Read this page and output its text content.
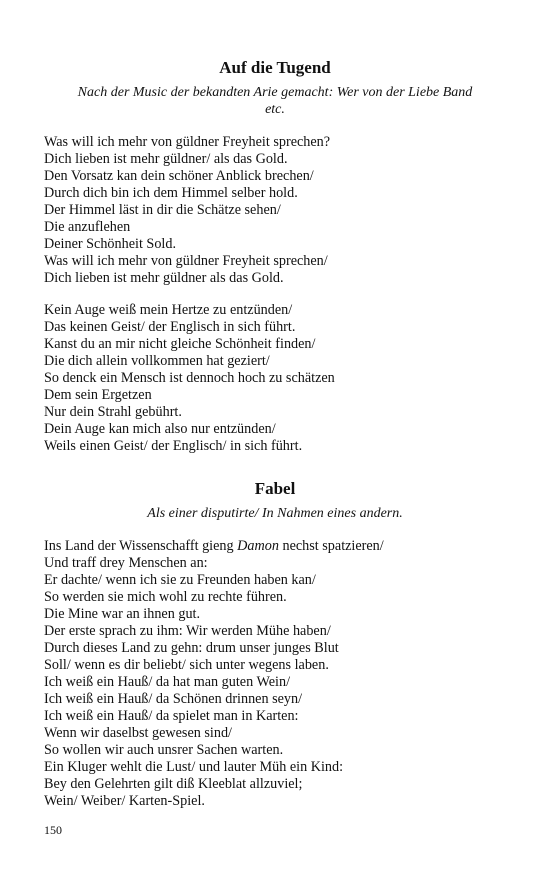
Auf die Tugend
Nach der Music der bekandten Arie gemacht: Wer von der Liebe Band
etc.
Was will ich mehr von güldner Freyheit sprechen?
Dich lieben ist mehr güldner/ als das Gold.
Den Vorsatz kan dein schöner Anblick brechen/
Durch dich bin ich dem Himmel selber hold.
Der Himmel läst in dir die Schätze sehen/
Die anzuflehen
Deiner Schönheit Sold.
Was will ich mehr von güldner Freyheit sprechen/
Dich lieben ist mehr güldner als das Gold.
Kein Auge weiß mein Hertze zu entzünden/
Das keinen Geist/ der Englisch in sich führt.
Kanst du an mir nicht gleiche Schönheit finden/
Die dich allein vollkommen hat geziert/
So denck ein Mensch ist dennoch hoch zu schätzen
Dem sein Ergetzen
Nur dein Strahl gebührt.
Dein Auge kan mich also nur entzünden/
Weils einen Geist/ der Englisch/ in sich führt.
Fabel
Als einer disputirte/ In Nahmen eines andern.
Ins Land der Wissenschafft gieng Damon nechst spatzieren/
Und traff drey Menschen an:
Er dachte/ wenn ich sie zu Freunden haben kan/
So werden sie mich wohl zu rechte führen.
Die Mine war an ihnen gut.
Der erste sprach zu ihm: Wir werden Mühe haben/
Durch dieses Land zu gehn: drum unser junges Blut
Soll/ wenn es dir beliebt/ sich unter wegens laben.
Ich weiß ein Hauß/ da hat man guten Wein/
Ich weiß ein Hauß/ da Schönen drinnen seyn/
Ich weiß ein Hauß/ da spielet man in Karten:
Wenn wir daselbst gewesen sind/
So wollen wir auch unsrer Sachen warten.
Ein Kluger wehlt die Lust/ und lauter Müh ein Kind:
Bey den Gelehrten gilt diß Kleeblat allzuviel;
Wein/ Weiber/ Karten-Spiel.
150
